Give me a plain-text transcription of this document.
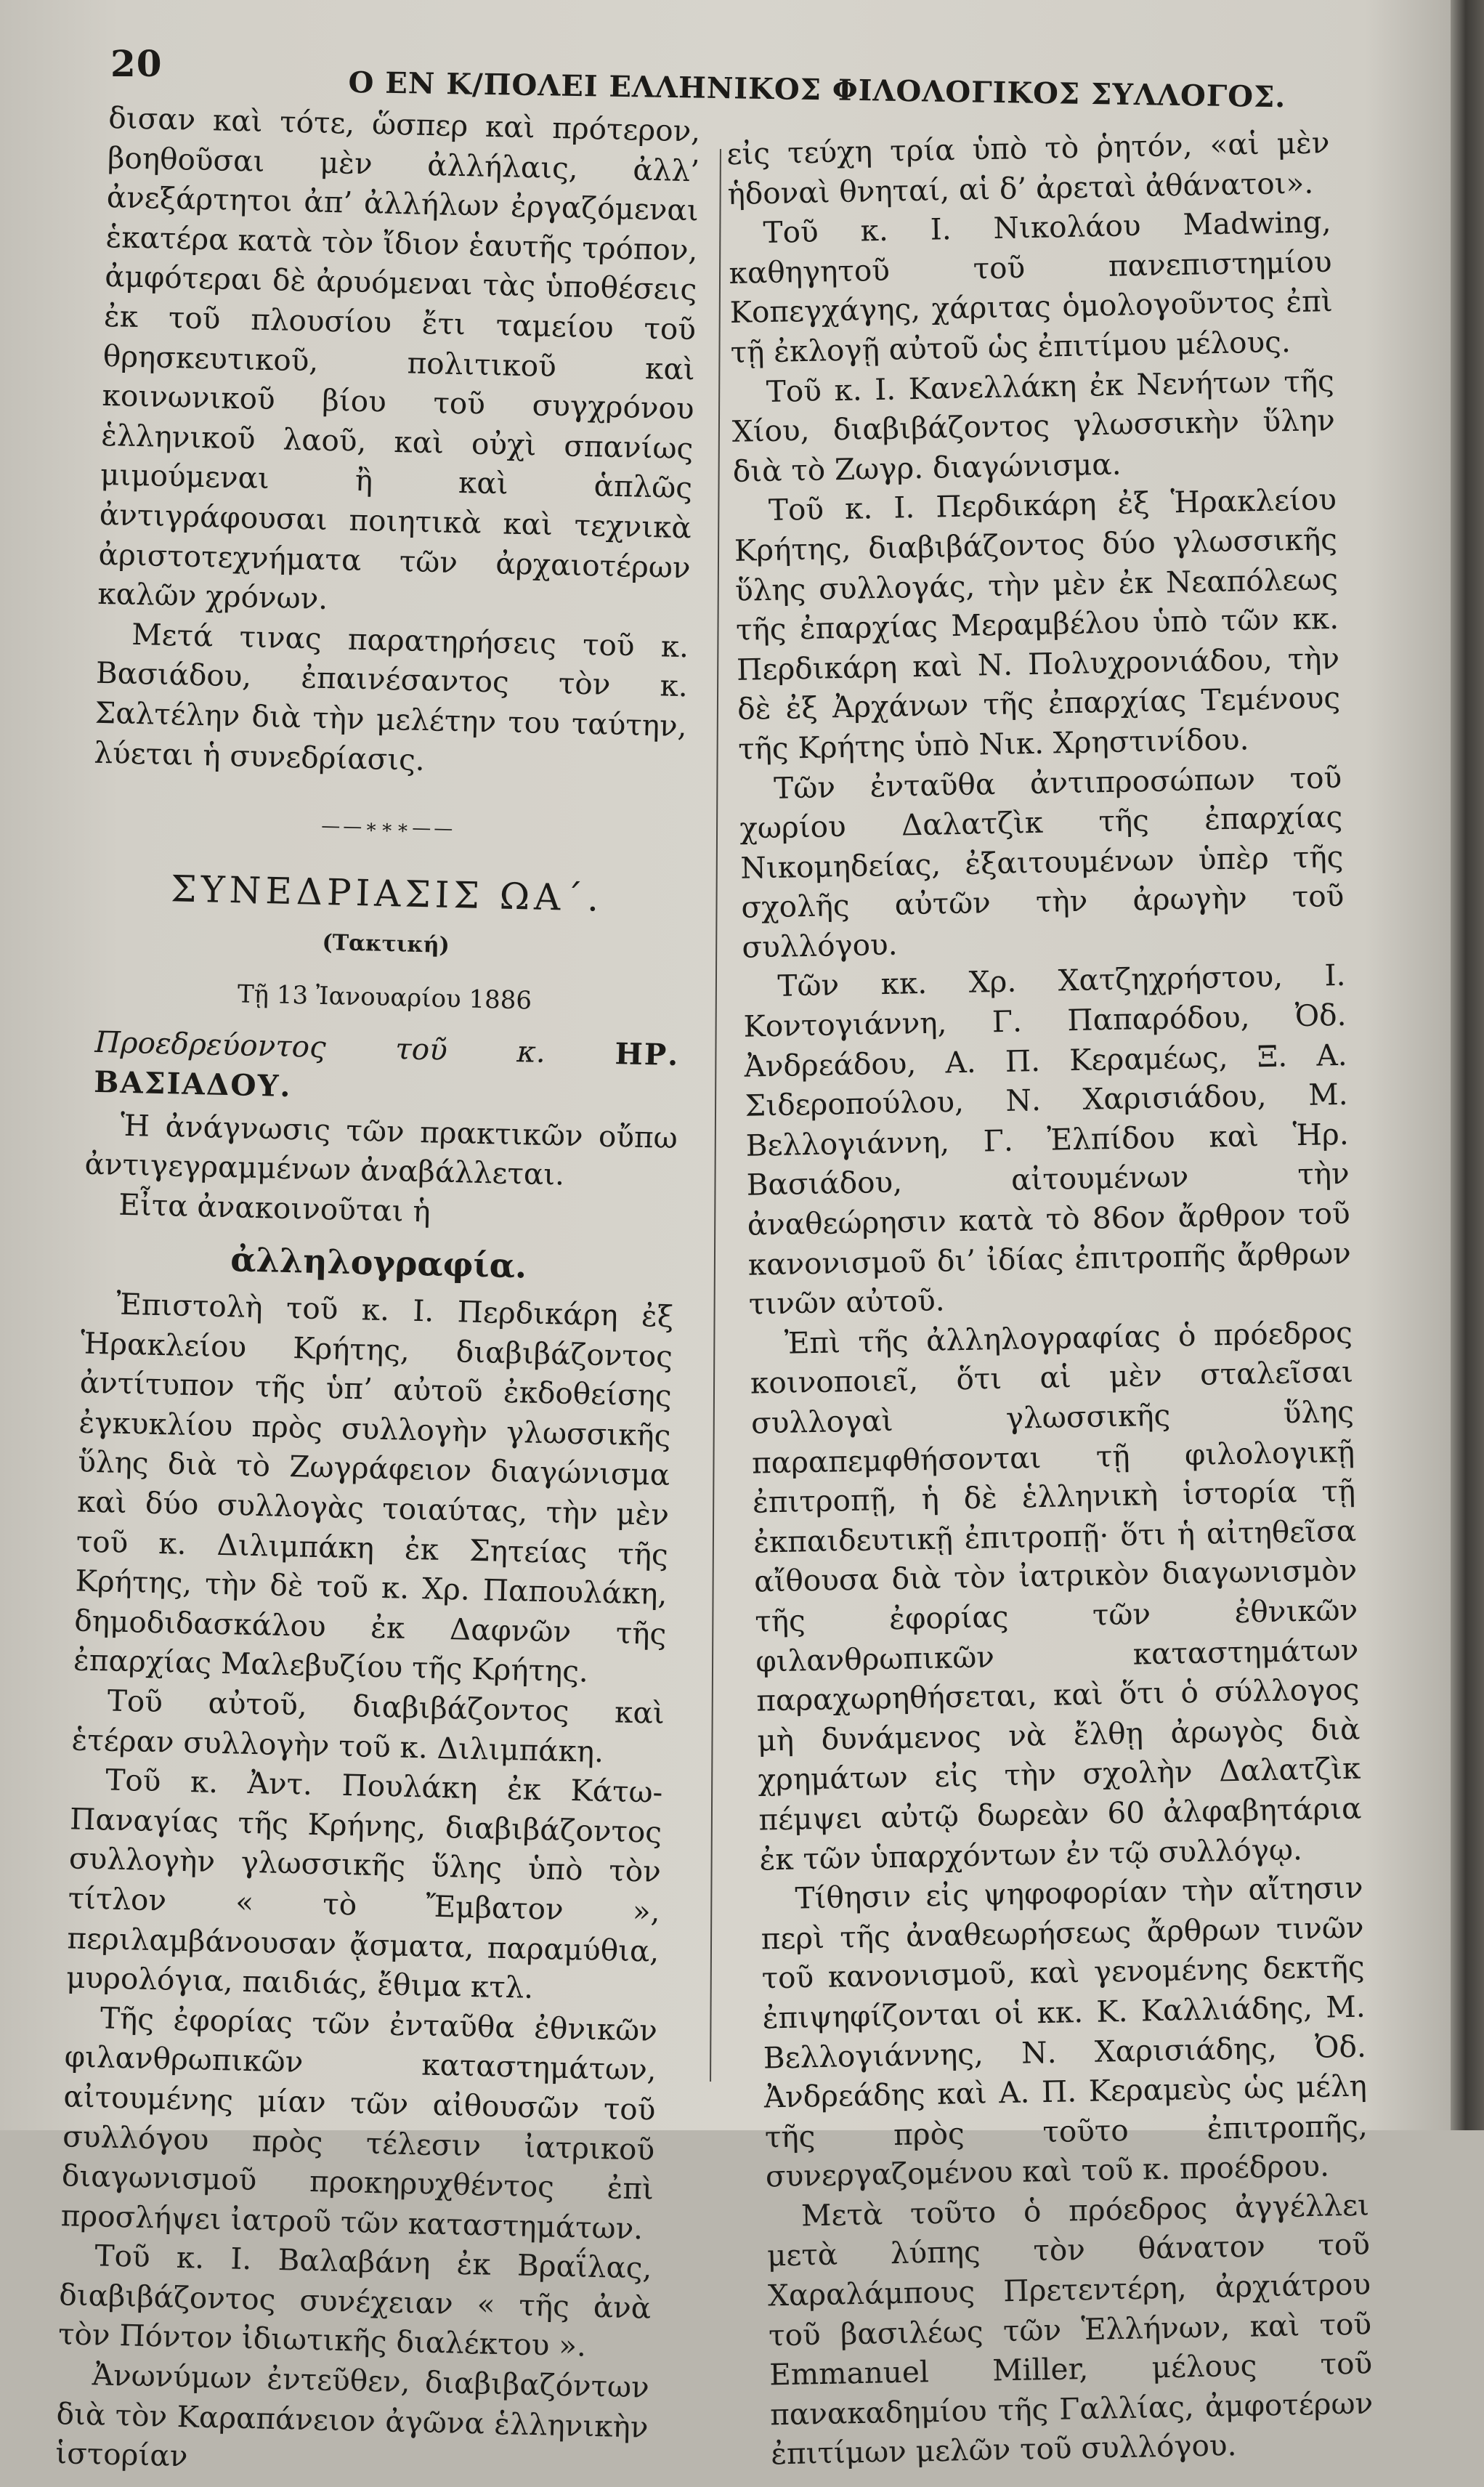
20
Ο ΕΝ Κ/ΠΟΛΕΙ ΕΛΛΗΝΙΚΟΣ ΦΙΛΟΛΟΓΙΚΟΣ ΣΥΛΛΟΓΟΣ.

δισαν καὶ τότε, ὥσπερ καὶ πρότερον, βοηθοῦσαι μὲν ἀλλήλαις, ἀλλ’ ἀνεξάρτητοι ἀπ’ ἀλλήλων ἐργαζόμεναι ἑκατέρα κατὰ τὸν ἴδιον ἑαυτῆς τρόπον, ἀμφότεραι δὲ ἀρυόμεναι τὰς ὑποθέσεις ἐκ τοῦ πλουσίου ἔτι ταμείου τοῦ θρησκευτικοῦ, πολιτικοῦ καὶ κοινωνικοῦ βίου τοῦ συγχρόνου ἑλληνικοῦ λαοῦ, καὶ οὐχὶ σπανίως μιμούμεναι ἢ καὶ ἁπλῶς ἀντιγράφουσαι ποιητικὰ καὶ τεχνικὰ ἀριστοτεχνήματα τῶν ἀρχαιοτέρων καλῶν χρόνων.

Μετά τινας παρατηρήσεις τοῦ κ. Βασιάδου, ἐπαινέσαντος τὸν κ. Σαλτέλην διὰ τὴν μελέτην του ταύτην, λύεται ἡ συνεδρίασις.

——∗∗∗——
ΣΥΝΕΔΡΙΑΣΙΣ ΩΑ΄.
(Τακτική)
Τῇ 13 Ἰανουαρίου 1886

Προεδρεύοντος τοῦ κ. ΗΡ. ΒΑΣΙΑΔΟΥ.

Ἡ ἀνάγνωσις τῶν πρακτικῶν οὔπω ἀντιγεγραμμένων ἀναβάλλεται.

Εἶτα ἀνακοινοῦται ἡ

ἀλληλογραφία.

Ἐπιστολὴ τοῦ κ. Ι. Περδικάρη ἐξ Ἡρακλείου Κρήτης, διαβιβάζοντος ἀντίτυπον τῆς ὑπ’ αὐτοῦ ἐκδοθείσης ἐγκυκλίου πρὸς συλλογὴν γλωσσικῆς ὕλης διὰ τὸ Ζωγράφειον διαγώνισμα καὶ δύο συλλογὰς τοιαύτας, τὴν μὲν τοῦ κ. Διλιμπάκη ἐκ Σητείας τῆς Κρήτης, τὴν δὲ τοῦ κ. Χρ. Παπουλάκη, δημοδιδασκάλου ἐκ Δαφνῶν τῆς ἐπαρχίας Μαλεβυζίου τῆς Κρήτης.

Τοῦ αὐτοῦ, διαβιβάζοντος καὶ ἑτέραν συλλογὴν τοῦ κ. Διλιμπάκη.

Τοῦ κ. Ἀντ. Πουλάκη ἐκ Κάτω-Παναγίας τῆς Κρήνης, διαβιβάζοντος συλλογὴν γλωσσικῆς ὕλης ὑπὸ τὸν τίτλον « τὸ Ἔμβατον », περιλαμβάνουσαν ᾄσματα, παραμύθια, μυρολόγια, παιδιάς, ἔθιμα κτλ.

Τῆς ἐφορίας τῶν ἐνταῦθα ἐθνικῶν φιλανθρωπικῶν καταστημάτων, αἰτουμένης μίαν τῶν αἰθουσῶν τοῦ συλλόγου πρὸς τέλεσιν ἰατρικοῦ διαγωνισμοῦ προκηρυχθέντος ἐπὶ προσλήψει ἰατροῦ τῶν καταστημάτων.

Τοῦ κ. Ι. Βαλαβάνη ἐκ Βραΐλας, διαβιβάζοντος συνέχειαν « τῆς ἀνὰ τὸν Πόντον ἰδιωτικῆς διαλέκτου ».

Ἀνωνύμων ἐντεῦθεν, διαβιβαζόντων διὰ τὸν Καραπάνειον ἀγῶνα ἑλληνικὴν ἱστορίαν

εἰς τεύχη τρία ὑπὸ τὸ ῥητόν, «αἱ μὲν ἡδοναὶ θνηταί, αἱ δ’ ἀρεταὶ ἀθάνατοι».

Τοῦ κ. Ι. Νικολάου Madwing, καθηγητοῦ τοῦ πανεπιστημίου Κοπεγχάγης, χάριτας ὁμολογοῦντος ἐπὶ τῇ ἐκλογῇ αὐτοῦ ὡς ἐπιτίμου μέλους.

Τοῦ κ. Ι. Κανελλάκη ἐκ Νενήτων τῆς Χίου, διαβιβάζοντος γλωσσικὴν ὕλην διὰ τὸ Ζωγρ. διαγώνισμα.

Τοῦ κ. Ι. Περδικάρη ἐξ Ἡρακλείου Κρήτης, διαβιβάζοντος δύο γλωσσικῆς ὕλης συλλογάς, τὴν μὲν ἐκ Νεαπόλεως τῆς ἐπαρχίας Μεραμβέλου ὑπὸ τῶν κκ. Περδικάρη καὶ Ν. Πολυχρονιάδου, τὴν δὲ ἐξ Ἀρχάνων τῆς ἐπαρχίας Τεμένους τῆς Κρήτης ὑπὸ Νικ. Χρηστινίδου.

Τῶν ἐνταῦθα ἀντιπροσώπων τοῦ χωρίου Δαλατζὶκ τῆς ἐπαρχίας Νικομηδείας, ἐξαιτουμένων ὑπὲρ τῆς σχολῆς αὐτῶν τὴν ἀρωγὴν τοῦ συλλόγου.

Τῶν κκ. Χρ. Χατζηχρήστου, Ι. Κοντογιάννη, Γ. Παπαρόδου, Ὀδ. Ἀνδρεάδου, Α. Π. Κεραμέως, Ξ. Α. Σιδεροπούλου, Ν. Χαρισιάδου, Μ. Βελλογιάννη, Γ. Ἐλπίδου καὶ Ἡρ. Βασιάδου, αἰτουμένων τὴν ἀναθεώρησιν κατὰ τὸ 86ον ἄρθρον τοῦ κανονισμοῦ δι’ ἰδίας ἐπιτροπῆς ἄρθρων τινῶν αὐτοῦ.

Ἐπὶ τῆς ἀλληλογραφίας ὁ πρόεδρος κοινοποιεῖ, ὅτι αἱ μὲν σταλεῖσαι συλλογαὶ γλωσσικῆς ὕλης παραπεμφθήσονται τῇ φιλολογικῇ ἐπιτροπῇ, ἡ δὲ ἑλληνικὴ ἱστορία τῇ ἐκπαιδευτικῇ ἐπιτροπῇ· ὅτι ἡ αἰτηθεῖσα αἴθουσα διὰ τὸν ἰατρικὸν διαγωνισμὸν τῆς ἐφορίας τῶν ἐθνικῶν φιλανθρωπικῶν καταστημάτων παραχωρηθήσεται, καὶ ὅτι ὁ σύλλογος μὴ δυνάμενος νὰ ἔλθῃ ἀρωγὸς διὰ χρημάτων εἰς τὴν σχολὴν Δαλατζὶκ πέμψει αὐτῷ δωρεὰν 60 ἀλφαβητάρια ἐκ τῶν ὑπαρχόντων ἐν τῷ συλλόγῳ.

Τίθησιν εἰς ψηφοφορίαν τὴν αἴτησιν περὶ τῆς ἀναθεωρήσεως ἄρθρων τινῶν τοῦ κανονισμοῦ, καὶ γενομένης δεκτῆς ἐπιψηφίζονται οἱ κκ. Κ. Καλλιάδης, Μ. Βελλογιάννης, Ν. Χαρισιάδης, Ὀδ. Ἀνδρεάδης καὶ Α. Π. Κεραμεὺς ὡς μέλη τῆς πρὸς τοῦτο ἐπιτροπῆς, συνεργαζομένου καὶ τοῦ κ. προέδρου.

Μετὰ τοῦτο ὁ πρόεδρος ἀγγέλλει μετὰ λύπης τὸν θάνατον τοῦ Χαραλάμπους Πρετεντέρη, ἀρχιάτρου τοῦ βασιλέως τῶν Ἑλλήνων, καὶ τοῦ Emmanuel Miller, μέλους τοῦ πανακαδημίου τῆς Γαλλίας, ἀμφοτέρων ἐπιτίμων μελῶν τοῦ συλλόγου.
